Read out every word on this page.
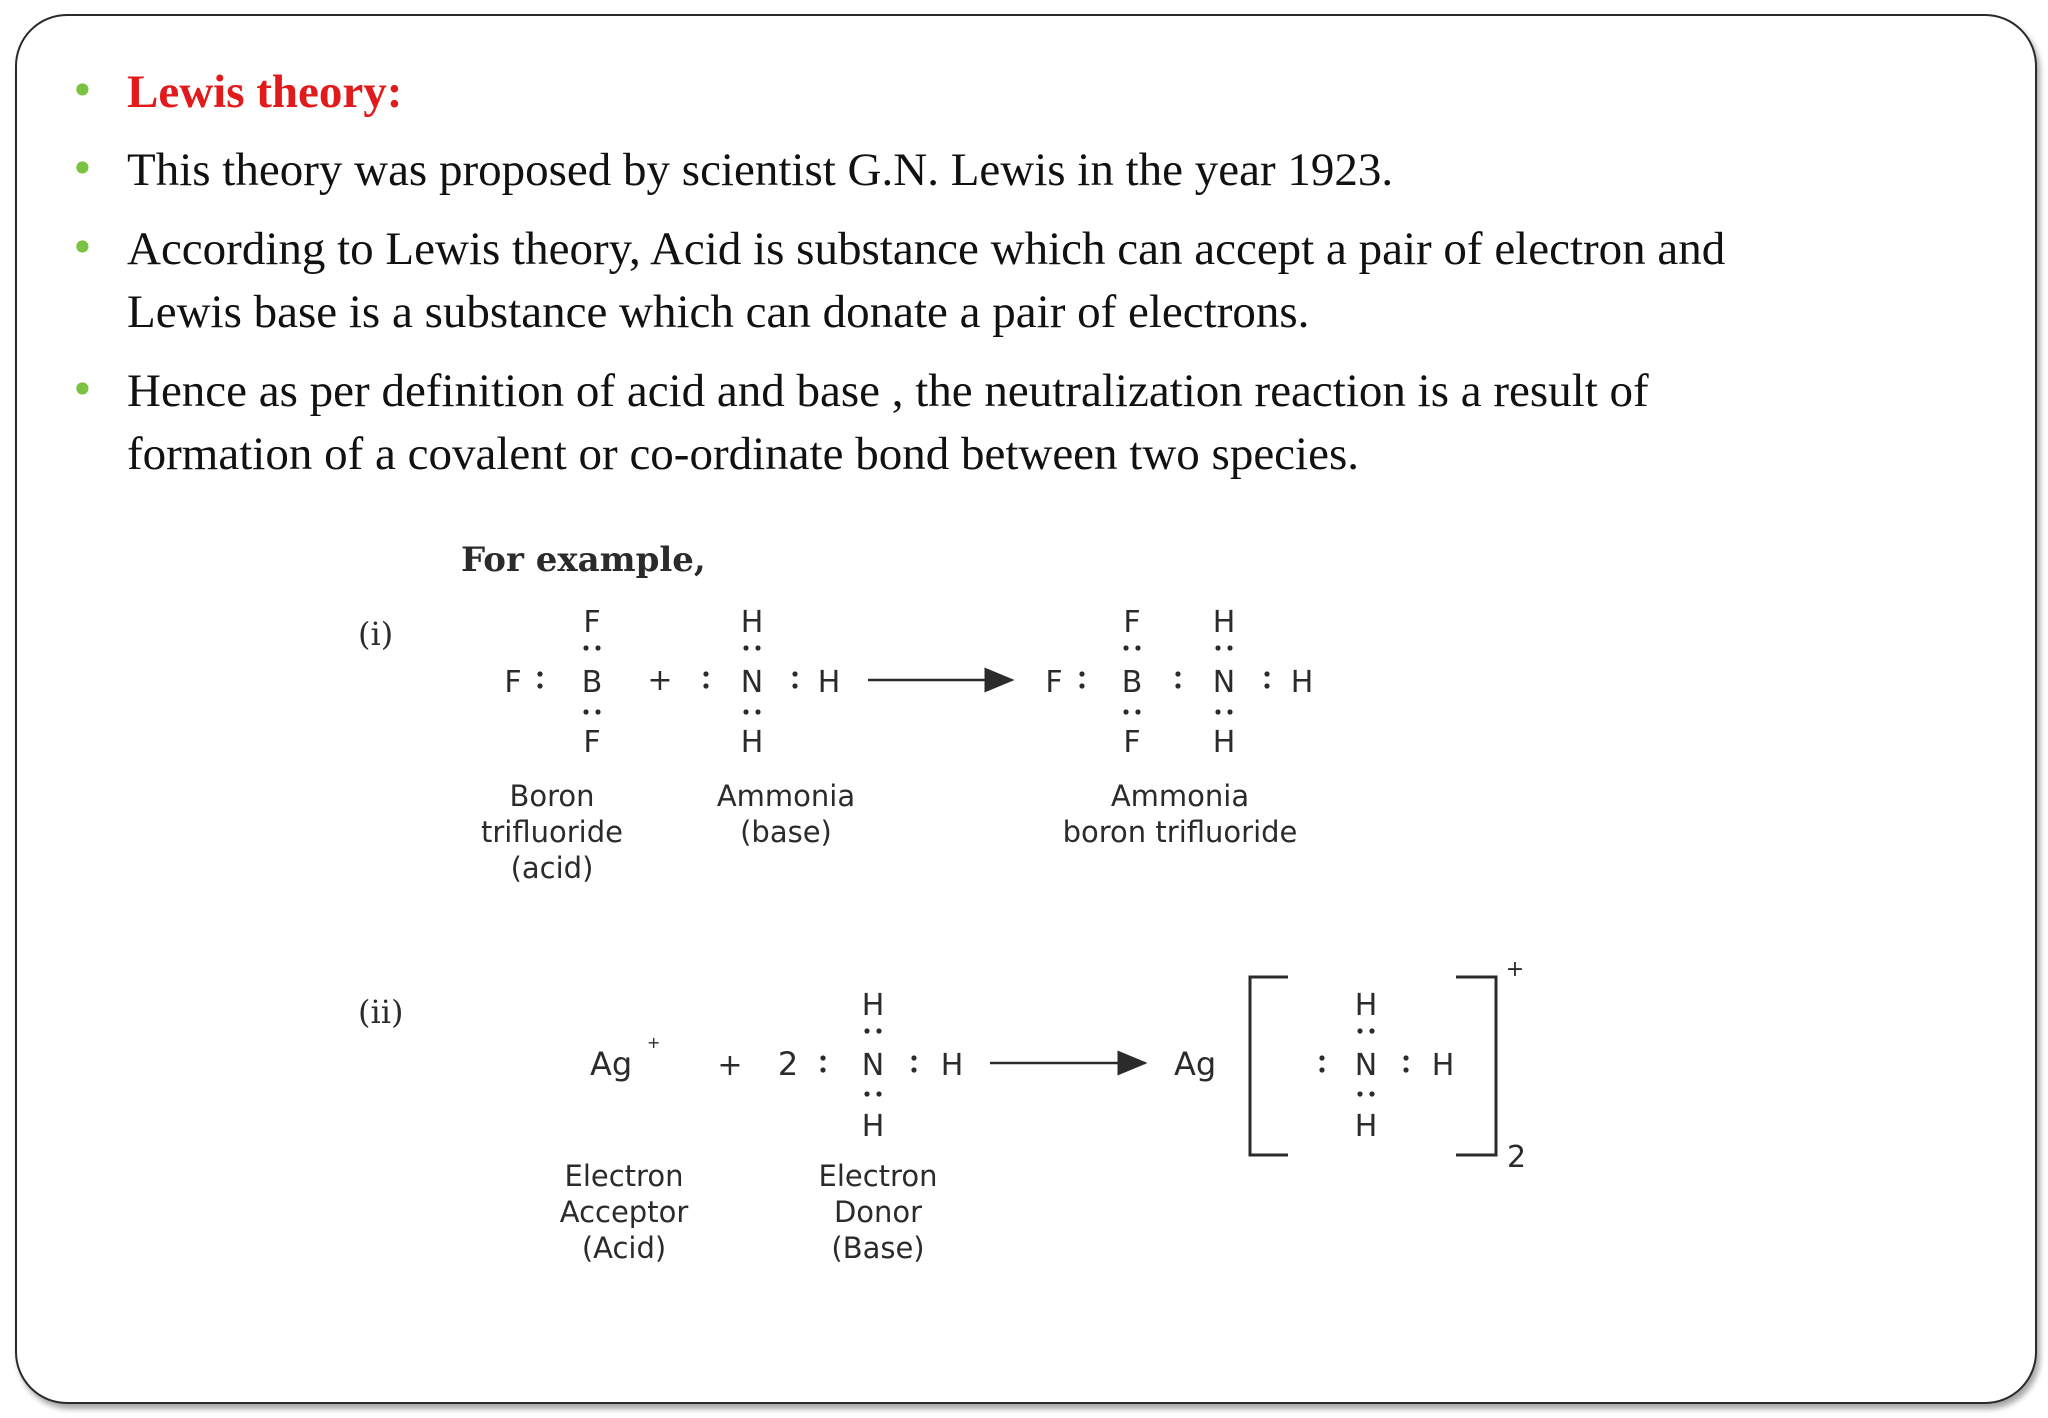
• Lewis theory:
• This theory was proposed by scientist G.N. Lewis in the year 1923.
• According to Lewis theory, Acid is substance which can accept a pair of electron and
Lewis base is a substance which can donate a pair of electrons.
• Hence as per definition of acid and base , the neutralization reaction is a result of
formation of a covalent or co-ordinate bond between two species.
For example,
(i)	F
F B
F
+
H
N H
H
F H
F B N H
F H
Boron
trifluoride
(acid)
Ammonia
(base)
Ammonia
boron trifluoride
(ii)
Ag
+
+ 2
H
N H
H
Ag
+
2
H
N H
H
Electron
Acceptor
(Acid)
Electron
Donor
(Base)
